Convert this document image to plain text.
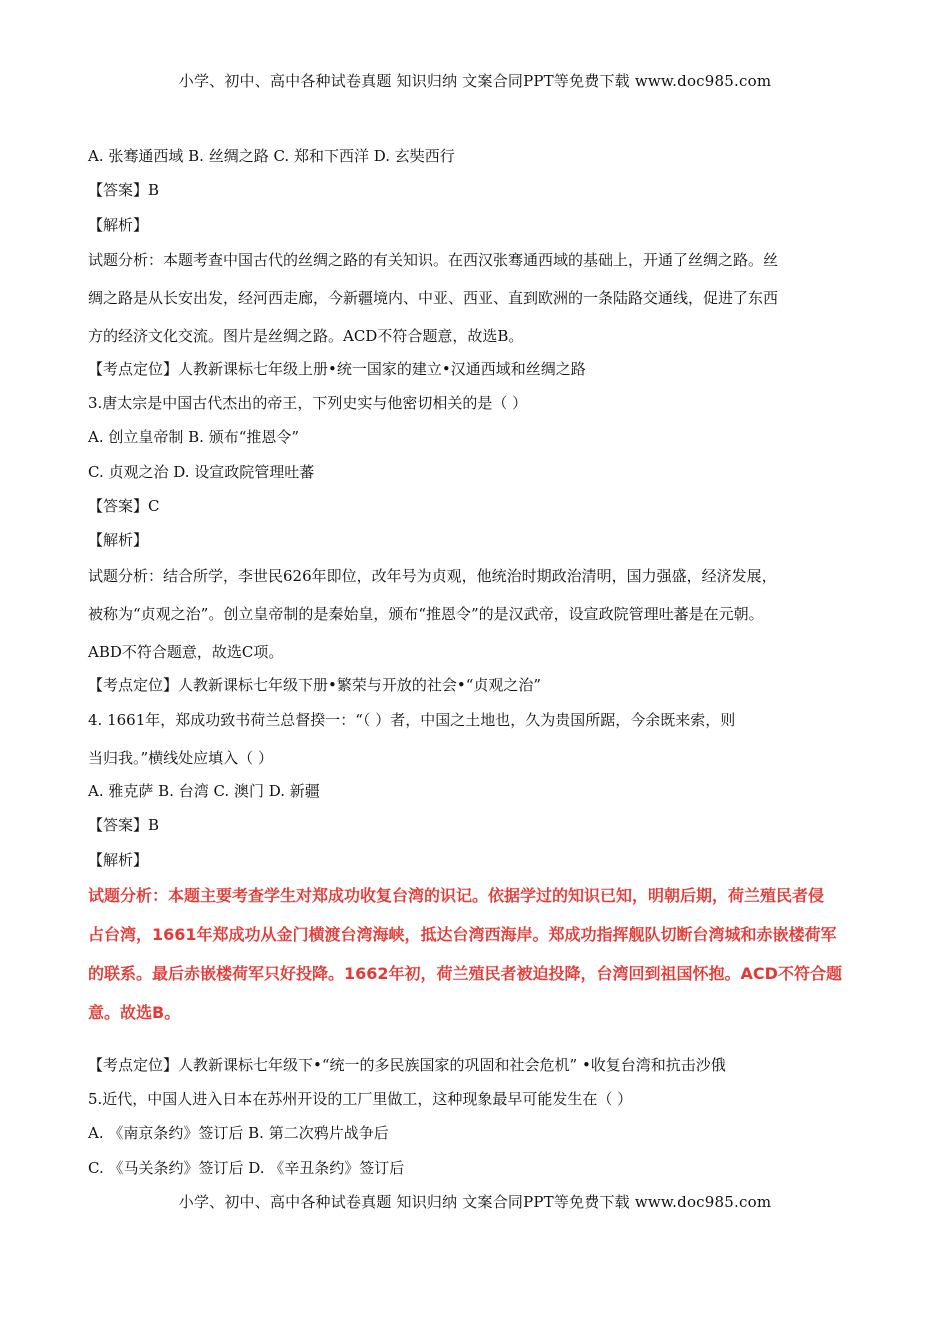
小学、初中、高中各种试卷真题 知识归纳 文案合同PPT等免费下载 www.doc985.com
A. 张骞通西域 B. 丝绸之路 C. 郑和下西洋 D. 玄奘西行
【答案】B
【解析】
试题分析：本题考查中国古代的丝绸之路的有关知识。在西汉张骞通西域的基础上，开通了丝绸之路。丝
绸之路是从长安出发，经河西走廊，今新疆境内、中亚、西亚、直到欧洲的一条陆路交通线，促进了东西
方的经济文化交流。图片是丝绸之路。ACD不符合题意，故选B。
【考点定位】人教新课标七年级上册•统一国家的建立•汉通西域和丝绸之路
3.唐太宗是中国古代杰出的帝王，下列史实与他密切相关的是（ ）
A. 创立皇帝制 B. 颁布“推恩令”
C. 贞观之治 D. 设宣政院管理吐蕃
【答案】C
【解析】
试题分析：结合所学，李世民626年即位，改年号为贞观，他统治时期政治清明，国力强盛，经济发展，
被称为“贞观之治”。创立皇帝制的是秦始皇，颁布“推恩令”的是汉武帝，设宣政院管理吐蕃是在元朝。
ABD不符合题意，故选C项。
【考点定位】人教新课标七年级下册•繁荣与开放的社会•“贞观之治”
4. 1661年，郑成功致书荷兰总督揆一：“（ ）者，中国之土地也，久为贵国所踞，今余既来索，则
当归我。”横线处应填入（ ）
A. 雅克萨 B. 台湾 C. 澳门 D. 新疆
【答案】B
【解析】
试题分析：本题主要考查学生对郑成功收复台湾的识记。依据学过的知识已知，明朝后期，荷兰殖民者侵
占台湾，1661年郑成功从金门横渡台湾海峡，抵达台湾西海岸。郑成功指挥舰队切断台湾城和赤嵌楼荷军
的联系。最后赤嵌楼荷军只好投降。1662年初，荷兰殖民者被迫投降，台湾回到祖国怀抱。ACD不符合题
意。故选B。
【考点定位】人教新课标七年级下•“统一的多民族国家的巩固和社会危机” •收复台湾和抗击沙俄
5.近代，中国人进入日本在苏州开设的工厂里做工，这种现象最早可能发生在（ ）
A. 《南京条约》签订后 B. 第二次鸦片战争后
C. 《马关条约》签订后 D. 《辛丑条约》签订后
小学、初中、高中各种试卷真题 知识归纳 文案合同PPT等免费下载 www.doc985.com
